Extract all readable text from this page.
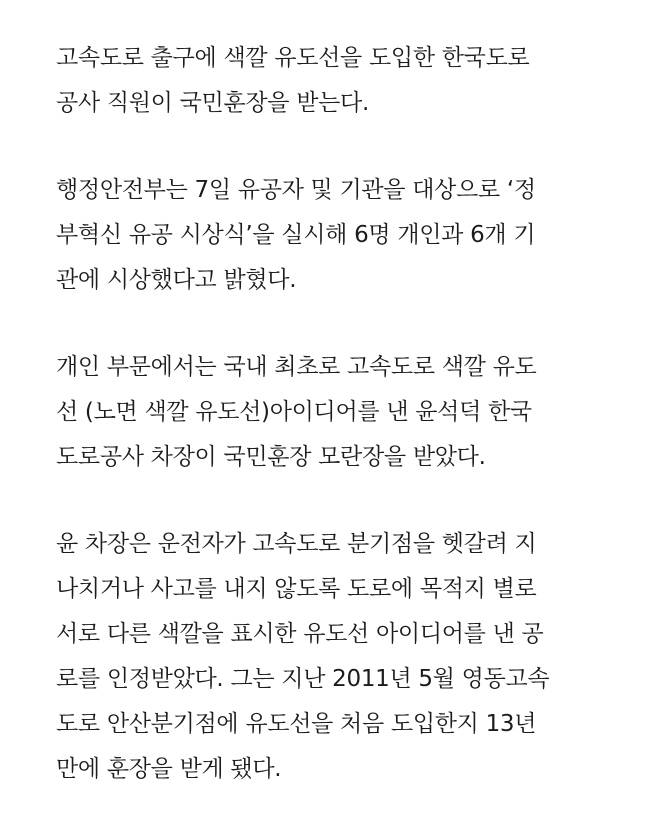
고속도로 출구에 색깔 유도선을 도입한 한국도로
공사 직원이 국민훈장을 받는다.

행정안전부는 7일 유공자 및 기관을 대상으로 ‘정
부혁신 유공 시상식’을 실시해 6명 개인과 6개 기
관에 시상했다고 밝혔다.

개인 부문에서는 국내 최초로 고속도로 색깔 유도
선 (노면 색깔 유도선)아이디어를 낸 윤석덕 한국
도로공사 차장이 국민훈장 모란장을 받았다.

윤 차장은 운전자가 고속도로 분기점을 헷갈려 지
나치거나 사고를 내지 않도록 도로에 목적지 별로
서로 다른 색깔을 표시한 유도선 아이디어를 낸 공
로를 인정받았다. 그는 지난 2011년 5월 영동고속
도로 안산분기점에 유도선을 처음 도입한지 13년
만에 훈장을 받게 됐다.
